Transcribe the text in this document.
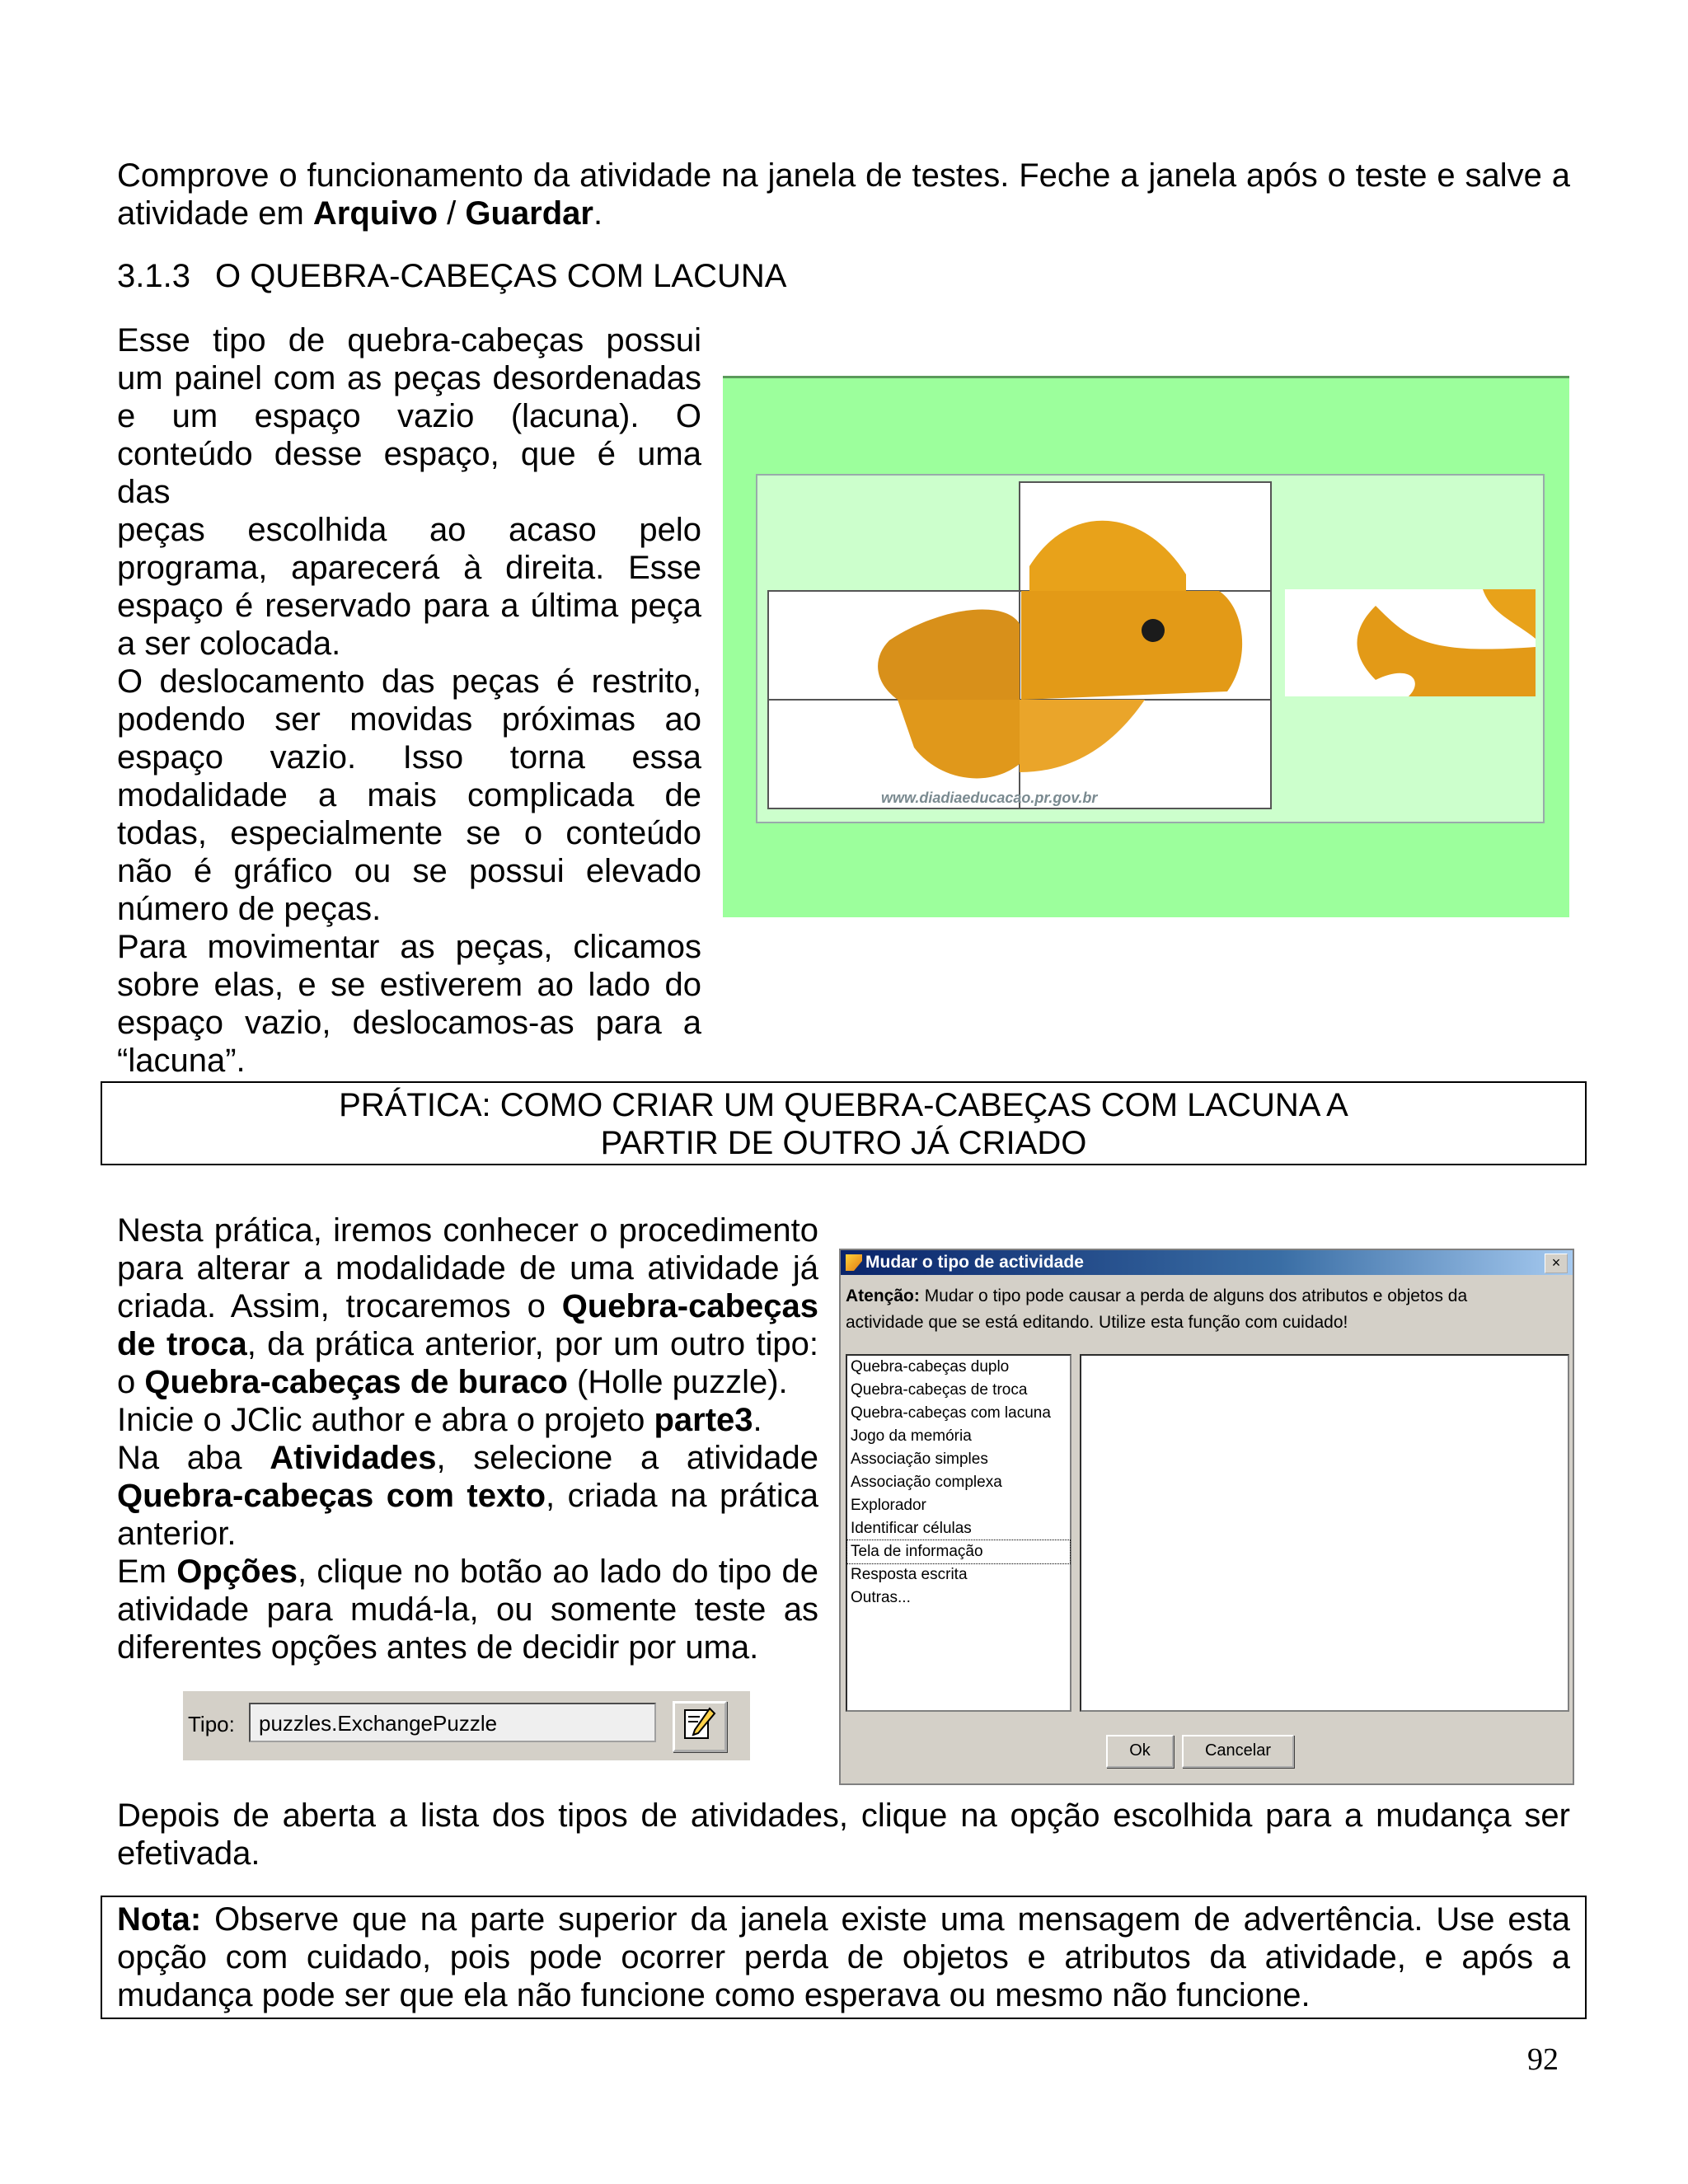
Comprove o funcionamento da atividade na janela de testes. Feche a janela após o teste e salve a
atividade em Arquivo / Guardar.
3.1.3 O QUEBRA-CABEÇAS COM LACUNA
Esse tipo de quebra-cabeças possui
um painel com as peças desordenadas
e um espaço vazio (lacuna). O
conteúdo desse espaço, que é uma das
peças escolhida ao acaso pelo
programa, aparecerá à direita. Esse
espaço é reservado para a última peça
a ser colocada.
O deslocamento das peças é restrito,
podendo ser movidas próximas ao
espaço vazio. Isso torna essa
modalidade a mais complicada de
todas, especialmente se o conteúdo
não é gráfico ou se possui elevado
número de peças.
Para movimentar as peças, clicamos
sobre elas, e se estiverem ao lado do
espaço vazio, deslocamos-as para a
“lacuna”.
www.diadiaeducacao.pr.gov.br
PRÁTICA: COMO CRIAR UM QUEBRA-CABEÇAS COM LACUNA A
PARTIR DE OUTRO JÁ CRIADO
Nesta prática, iremos conhecer o procedimento
para alterar a modalidade de uma atividade já
criada. Assim, trocaremos o Quebra-cabeças
de troca, da prática anterior, por um outro tipo:
o Quebra-cabeças de buraco (Holle puzzle).
Inicie o JClic author e abra o projeto parte3.
Na aba Atividades, selecione a atividade
Quebra-cabeças com texto, criada na prática
anterior.
Em Opções, clique no botão ao lado do tipo de
atividade para mudá-la, ou somente teste as
diferentes opções antes de decidir por uma.
Mudar o tipo de actividade	×
Atenção: Mudar o tipo pode causar a perda de alguns dos atributos e objetos da
actividade que se está editando. Utilize esta função com cuidado!
Quebra-cabeças duplo
Quebra-cabeças de troca
Quebra-cabeças com lacuna
Jogo da memória
Associação simples
Associação complexa
Explorador
Identificar células
Tela de informação
Resposta escrita
Outras...
Ok	Cancelar
Tipo:	puzzles.ExchangePuzzle
Depois de aberta a lista dos tipos de atividades, clique na opção escolhida para a mudança ser
efetivada.
Nota: Observe que na parte superior da janela existe uma mensagem de advertência. Use esta
opção com cuidado, pois pode ocorrer perda de objetos e atributos da atividade, e após a
mudança pode ser que ela não funcione como esperava ou mesmo não funcione.
92
